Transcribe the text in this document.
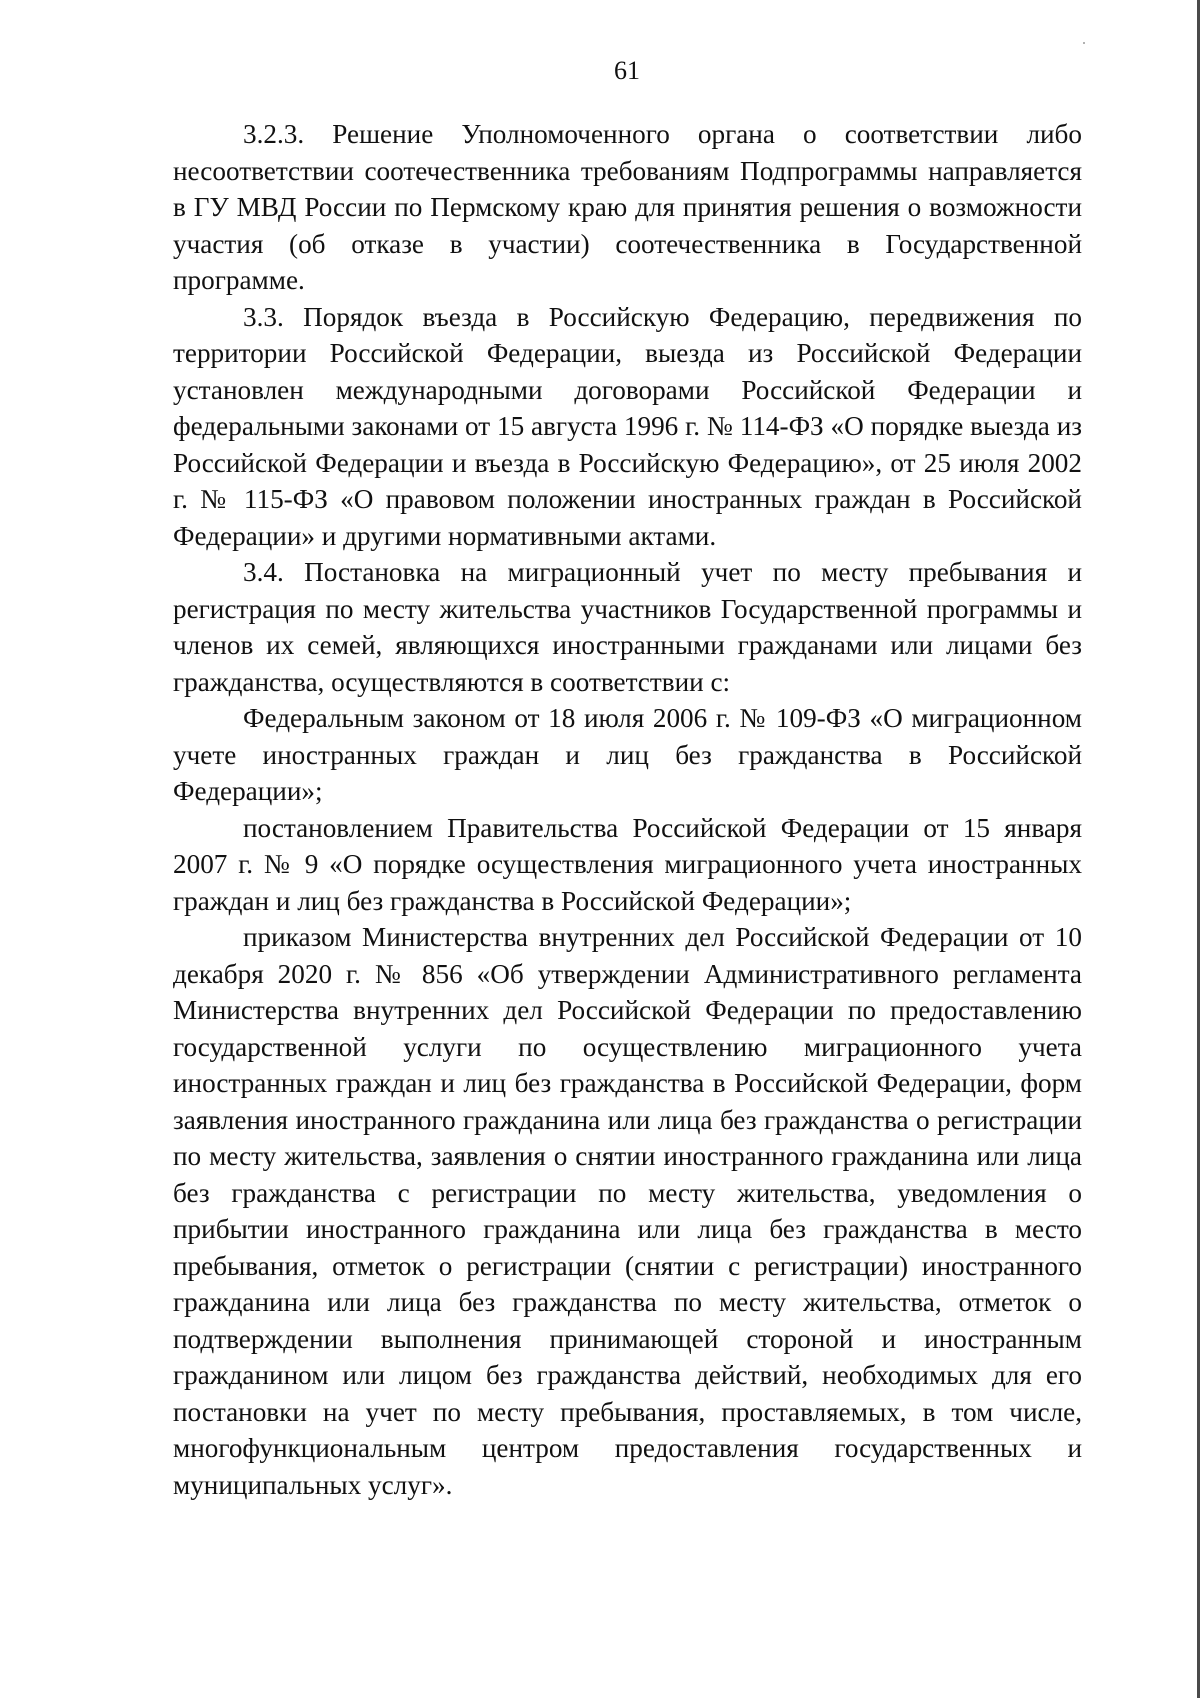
61

3.2.3. Решение Уполномоченного органа о соответствии либо несоответствии соотечественника требованиям Подпрограммы направляется в ГУ МВД России по Пермскому краю для принятия решения о возможности участия (об отказе в участии) соотечественника в Государственной программе.

3.3. Порядок въезда в Российскую Федерацию, передвижения по территории Российской Федерации, выезда из Российской Федерации установлен международными договорами Российской Федерации и федеральными законами от 15 августа 1996 г. № 114-ФЗ «О порядке выезда из Российской Федерации и въезда в Российскую Федерацию», от 25 июля 2002 г. № 115-ФЗ «О правовом положении иностранных граждан в Российской Федерации» и другими нормативными актами.

3.4. Постановка на миграционный учет по месту пребывания и регистрация по месту жительства участников Государственной программы и членов их семей, являющихся иностранными гражданами или лицами без гражданства, осуществляются в соответствии с:

Федеральным законом от 18 июля 2006 г. № 109-ФЗ «О миграционном учете иностранных граждан и лиц без гражданства в Российской Федерации»;

постановлением Правительства Российской Федерации от 15 января 2007 г. № 9 «О порядке осуществления миграционного учета иностранных граждан и лиц без гражданства в Российской Федерации»;

приказом Министерства внутренних дел Российской Федерации от 10 декабря 2020 г. № 856 «Об утверждении Административного регламента Министерства внутренних дел Российской Федерации по предоставлению государственной услуги по осуществлению миграционного учета иностранных граждан и лиц без гражданства в Российской Федерации, форм заявления иностранного гражданина или лица без гражданства о регистрации по месту жительства, заявления о снятии иностранного гражданина или лица без гражданства с регистрации по месту жительства, уведомления о прибытии иностранного гражданина или лица без гражданства в место пребывания, отметок о регистрации (снятии с регистрации) иностранного гражданина или лица без гражданства по месту жительства, отметок о подтверждении выполнения принимающей стороной и иностранным гражданином или лицом без гражданства действий, необходимых для его постановки на учет по месту пребывания, проставляемых, в том числе, многофункциональным центром предоставления государственных и муниципальных услуг».
